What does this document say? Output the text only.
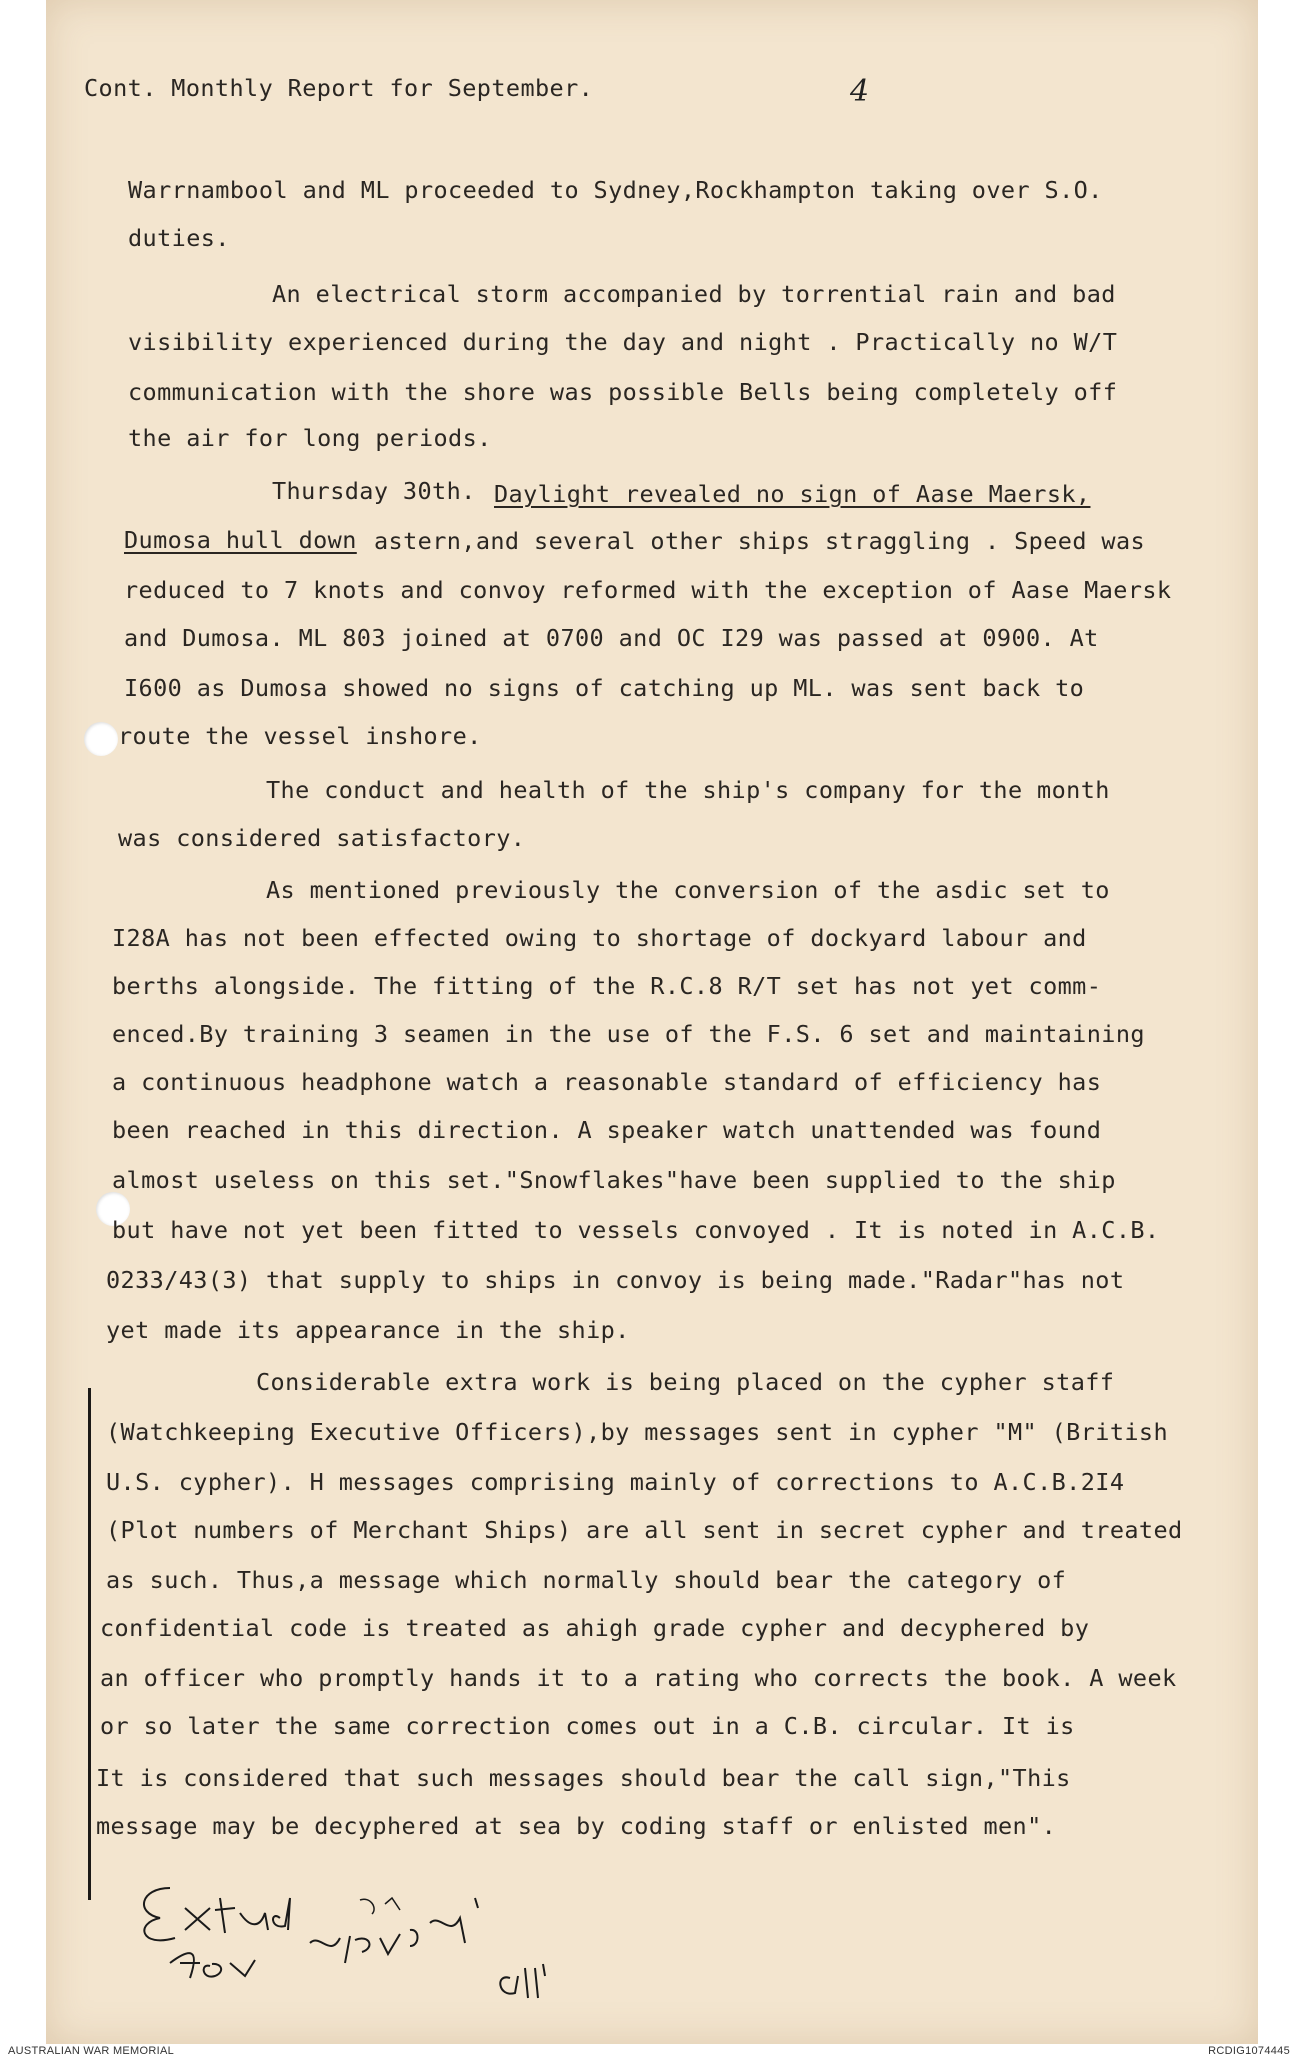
Cont. Monthly Report for September.	4
Warrnambool and ML proceeded to Sydney,Rockhampton taking over S.O.
duties.
An electrical storm accompanied by torrential rain and bad
visibility experienced during the day and night . Practically no W/T
communication with the shore was possible Bells being completely off
the air for long periods.
Thursday 30th. Daylight revealed no sign of Aase Maersk,
Dumosa hull down astern,and several other ships straggling . Speed was
reduced to 7 knots and convoy reformed with the exception of Aase Maersk
and Dumosa. ML 803 joined at 0700 and OC I29 was passed at 0900. At
I600 as Dumosa showed no signs of catching up ML. was sent back to
route the vessel inshore.
The conduct and health of the ship's company for the month
was considered satisfactory.
As mentioned previously the conversion of the asdic set to
I28A has not been effected owing to shortage of dockyard labour and
berths alongside. The fitting of the R.C.8 R/T set has not yet comm-
enced.By training 3 seamen in the use of the F.S. 6 set and maintaining
a continuous headphone watch a reasonable standard of efficiency has
been reached in this direction. A speaker watch unattended was found
almost useless on this set."Snowflakes"have been supplied to the ship
but have not yet been fitted to vessels convoyed . It is noted in A.C.B.
0233/43(3) that supply to ships in convoy is being made."Radar"has not
yet made its appearance in the ship.
Considerable extra work is being placed on the cypher staff
(Watchkeeping Executive Officers),by messages sent in cypher "M" (British
U.S. cypher). H messages comprising mainly of corrections to A.C.B.2I4
(Plot numbers of Merchant Ships) are all sent in secret cypher and treated
as such. Thus,a message which normally should bear the category of
confidential code is treated as ahigh grade cypher and decyphered by
an officer who promptly hands it to a rating who corrects the book. A week
or so later the same correction comes out in a C.B. circular. It is
It is considered that such messages should bear the call sign,"This
message may be decyphered at sea by coding staff or enlisted men".
AUSTRALIAN WAR MEMORIAL	RCDIG1074445
